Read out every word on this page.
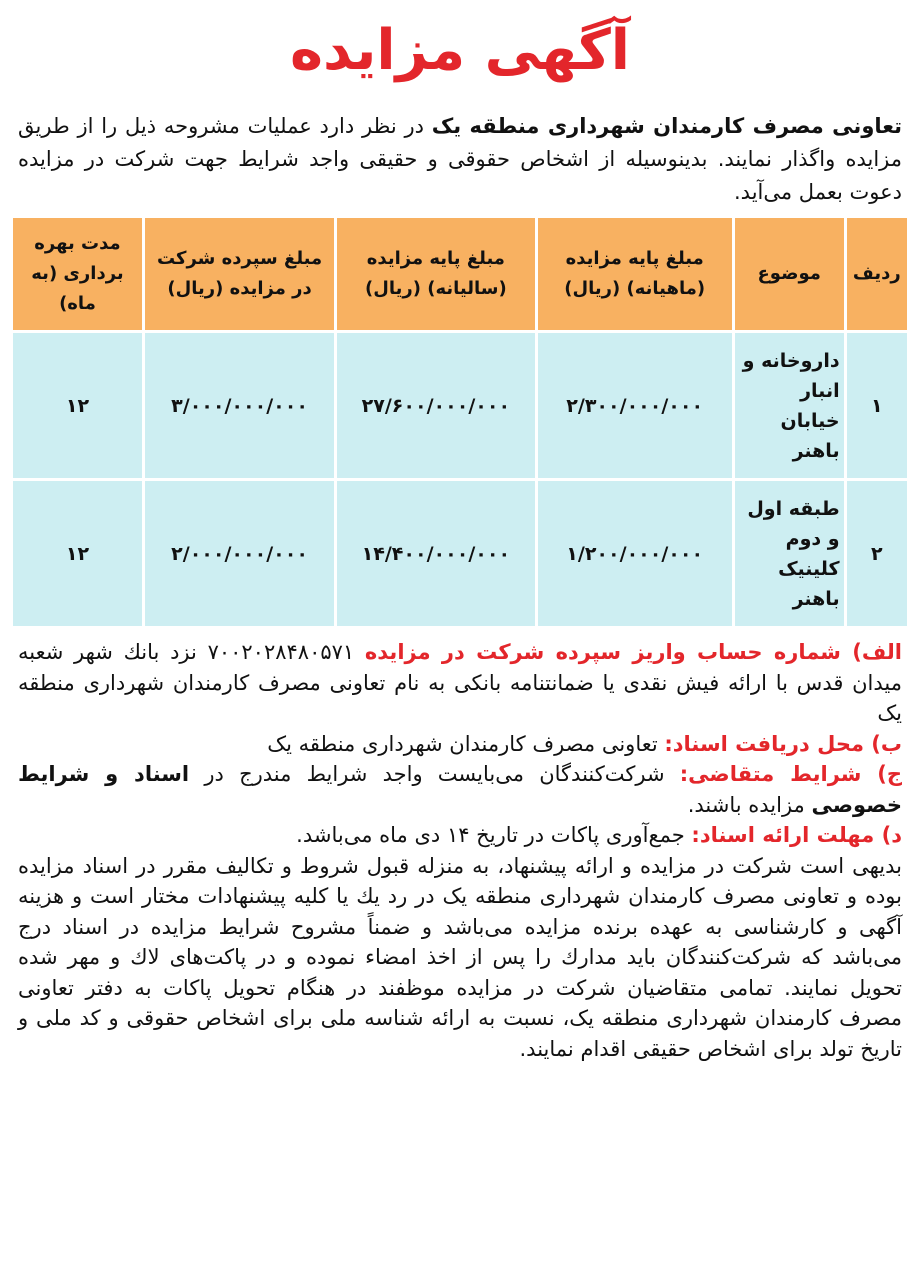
آگهی مزایده
تعاونی مصرف کارمندان شهرداری منطقه یک در نظر دارد عملیات مشروحه ذیل را از طریق مزایده واگذار نمایند. بدینوسیله از اشخاص حقوقی و حقیقی واجد شرایط جهت شرکت در مزایده دعوت بعمل می‌آید.
ردیف	موضوع	مبلغ پایه مزایده (ماهیانه) (ریال)	مبلغ پایه مزایده (سالیانه) (ریال)	مبلغ سپرده شرکت در مزایده (ریال)	مدت بهره برداری (به ماه)
۱	داروخانه و انبار خیابان باهنر	۲/۳۰۰/۰۰۰/۰۰۰	۲۷/۶۰۰/۰۰۰/۰۰۰	۳/۰۰۰/۰۰۰/۰۰۰	۱۲
۲	طبقه اول و دوم کلینیک باهنر	۱/۲۰۰/۰۰۰/۰۰۰	۱۴/۴۰۰/۰۰۰/۰۰۰	۲/۰۰۰/۰۰۰/۰۰۰	۱۲

الف) شماره حساب واریز سپرده شرکت در مزایده ۷۰۰۲۰۲۸۴۸۰۵۷۱ نزد بانك شهر شعبه میدان قدس با ارائه فیش نقدی یا ضمانتنامه بانکی به نام تعاونی مصرف کارمندان شهرداری منطقه یک

ب) محل دریافت اسناد: تعاونی مصرف کارمندان شهرداری منطقه یک

ج) شرایط متقاضی: شرکت‌کنندگان می‌بایست واجد شرایط مندرج در اسناد و شرایط خصوصی مزایده باشند.

د) مهلت ارائه اسناد: جمع‌آوری پاکات در تاریخ ۱۴ دی ماه می‌باشد.

بدیهی است شرکت در مزایده و ارائه پیشنهاد، به منزله قبول شروط و تکالیف مقرر در اسناد مزایده بوده و تعاونی مصرف کارمندان شهرداری منطقه یک در رد یك یا کلیه پیشنهادات مختار است و هزینه آگهی و کارشناسی به عهده برنده مزایده می‌باشد و ضمناً مشروح شرایط مزایده در اسناد درج می‌باشد که شرکت‌کنندگان باید مدارك را پس از اخذ امضاء نموده و در پاکت‌های لاك و مهر شده تحویل نمایند. تمامی متقاضیان شرکت در مزایده موظفند در هنگام تحویل پاکات به دفتر تعاونی مصرف کارمندان شهرداری منطقه یک، نسبت به ارائه شناسه ملی برای اشخاص حقوقی و کد ملی و تاریخ تولد برای اشخاص حقیقی اقدام نمایند.
